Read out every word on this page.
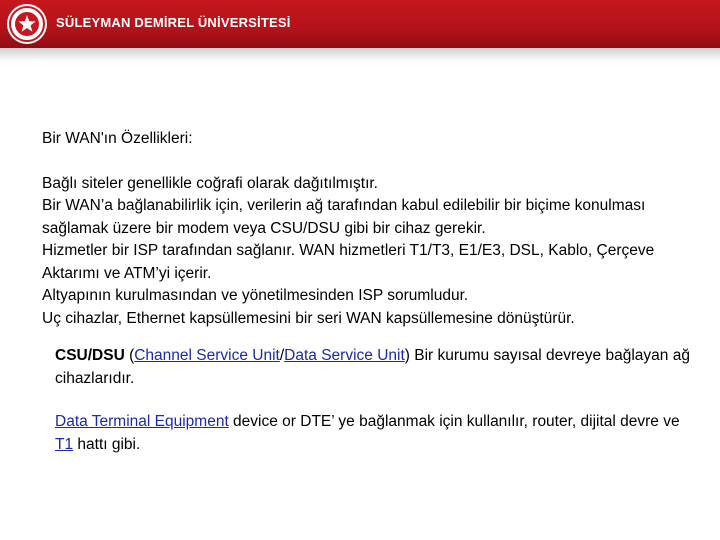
SÜLEYMAN DEMİREL ÜNİVERSİTESİ

Bir WAN'ın Özellikleri:

Bağlı siteler genellikle coğrafi olarak dağıtılmıştır.

Bir WAN’a bağlanabilirlik için, verilerin ağ tarafından kabul edilebilir bir biçime konulması sağlamak üzere bir modem veya CSU/DSU gibi bir cihaz gerekir.

Hizmetler bir ISP tarafından sağlanır. WAN hizmetleri T1/T3, E1/E3, DSL, Kablo, Çerçeve Aktarımı ve ATM’yi içerir.

Altyapının kurulmasından ve yönetilmesinden ISP sorumludur.

Uç cihazlar, Ethernet kapsüllemesini bir seri WAN kapsüllemesine dönüştürür.

CSU/DSU (Channel Service Unit/Data Service Unit) Bir kurumu sayısal devreye bağlayan ağ cihazlarıdır.
Data Terminal Equipment device or DTE’ ye bağlanmak için kullanılır, router, dijital devre ve  T1 hattı gibi.
